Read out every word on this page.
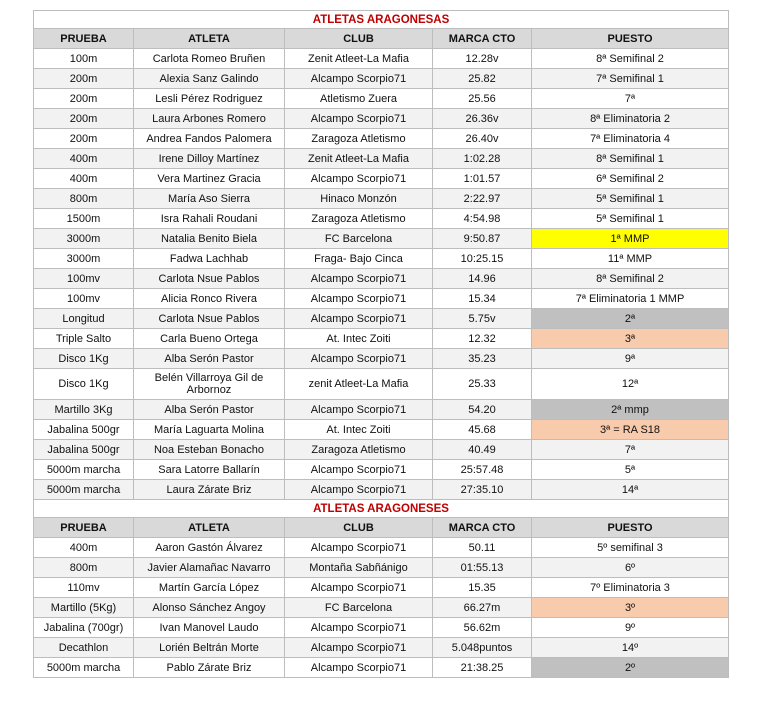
ATLETAS ARAGONESAS				
PRUEBA	ATLETA	CLUB	MARCA CTO	PUESTO
100m	Carlota Romeo Bruñen	Zenit Atleet-La Mafia	12.28v	8ª Semifinal 2
200m	Alexia Sanz Galindo	Alcampo Scorpio71	25.82	7ª Semifinal 1
200m	Lesli Pérez Rodriguez	Atletismo Zuera	25.56	7ª
200m	Laura Arbones Romero	Alcampo Scorpio71	26.36v	8ª Eliminatoria 2
200m	Andrea Fandos Palomera	Zaragoza Atletismo	26.40v	7ª Eliminatoria 4
400m	Irene Dilloy Martínez	Zenit Atleet-La Mafia	1:02.28	8ª Semifinal 1
400m	Vera Martinez Gracia	Alcampo Scorpio71	1:01.57	6ª Semifinal 2
800m	María Aso Sierra	Hinaco Monzón	2:22.97	5ª Semifinal 1
1500m	Isra Rahali Roudani	Zaragoza Atletismo	4:54.98	5ª Semifinal 1
3000m	Natalia Benito Biela	FC Barcelona	9:50.87	1ª MMP
3000m	Fadwa Lachhab	Fraga- Bajo Cinca	10:25.15	11ª MMP
100mv	Carlota Nsue Pablos	Alcampo Scorpio71	14.96	8ª Semifinal 2
100mv	Alicia Ronco Rivera	Alcampo Scorpio71	15.34	7ª Eliminatoria 1 MMP
Longitud	Carlota Nsue Pablos	Alcampo Scorpio71	5.75v	2ª
Triple Salto	Carla Bueno Ortega	At. Intec Zoiti	12.32	3ª
Disco 1Kg	Alba Serón Pastor	Alcampo Scorpio71	35.23	9ª
Disco 1Kg	Belén Villarroya Gil de Arbornoz	zenit Atleet-La Mafia	25.33	12ª
Martillo 3Kg	Alba Serón Pastor	Alcampo Scorpio71	54.20	2ª mmp
Jabalina 500gr	María Laguarta Molina	At. Intec Zoiti	45.68	3ª = RA S18
Jabalina 500gr	Noa Esteban Bonacho	Zaragoza Atletismo	40.49	7ª
5000m marcha	Sara Latorre Ballarín	Alcampo Scorpio71	25:57.48	5ª
5000m marcha	Laura Zárate Briz	Alcampo Scorpio71	27:35.10	14ª
ATLETAS ARAGONESES				
PRUEBA	ATLETA	CLUB	MARCA CTO	PUESTO
400m	Aaron Gastón Álvarez	Alcampo Scorpio71	50.11	5º semifinal 3
800m	Javier Alamañac Navarro	Montaña Sabñánigo	01:55.13	6º
110mv	Martín García López	Alcampo Scorpio71	15.35	7º Eliminatoria 3
Martillo (5Kg)	Alonso Sánchez Angoy	FC Barcelona	66.27m	3º
Jabalina (700gr)	Ivan Manovel Laudo	Alcampo Scorpio71	56.62m	9º
Decathlon	Lorién Beltrán Morte	Alcampo Scorpio71	5.048puntos	14º
5000m marcha	Pablo Zárate Briz	Alcampo Scorpio71	21:38.25	2º
